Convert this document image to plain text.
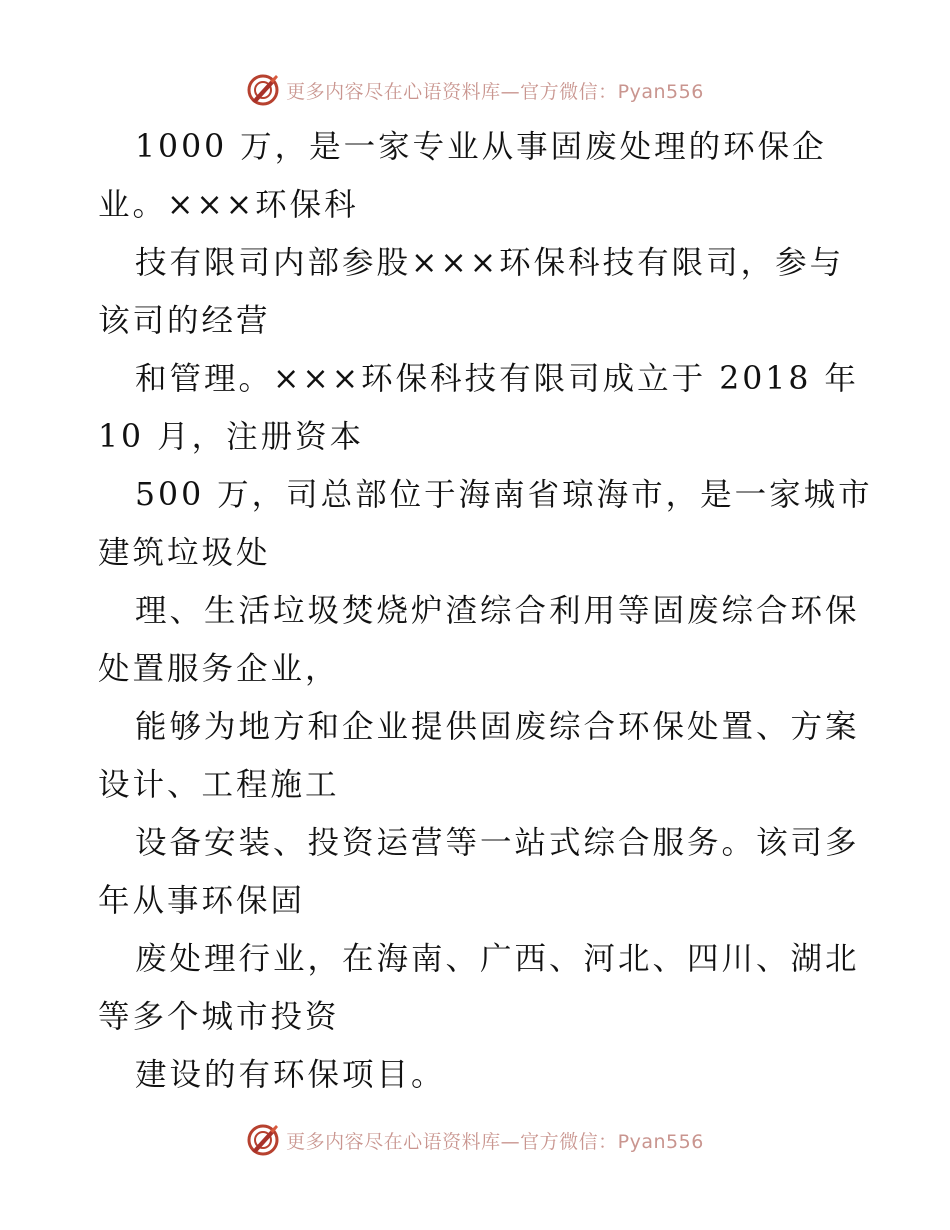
更多内容尽在心语资料库—官方微信：Pyan556
1000 万，是一家专业从事固废处理的环保企
业。×××环保科
技有限司内部参股×××环保科技有限司，参与
该司的经营
和管理。×××环保科技有限司成立于 2018 年
10 月，注册资本
500 万，司总部位于海南省琼海市，是一家城市
建筑垃圾处
理、生活垃圾焚烧炉渣综合利用等固废综合环保
处置服务企业，
能够为地方和企业提供固废综合环保处置、方案
设计、工程施工
设备安装、投资运营等一站式综合服务。该司多
年从事环保固
废处理行业，在海南、广西、河北、四川、湖北
等多个城市投资
建设的有环保项目。
更多内容尽在心语资料库—官方微信：Pyan556
